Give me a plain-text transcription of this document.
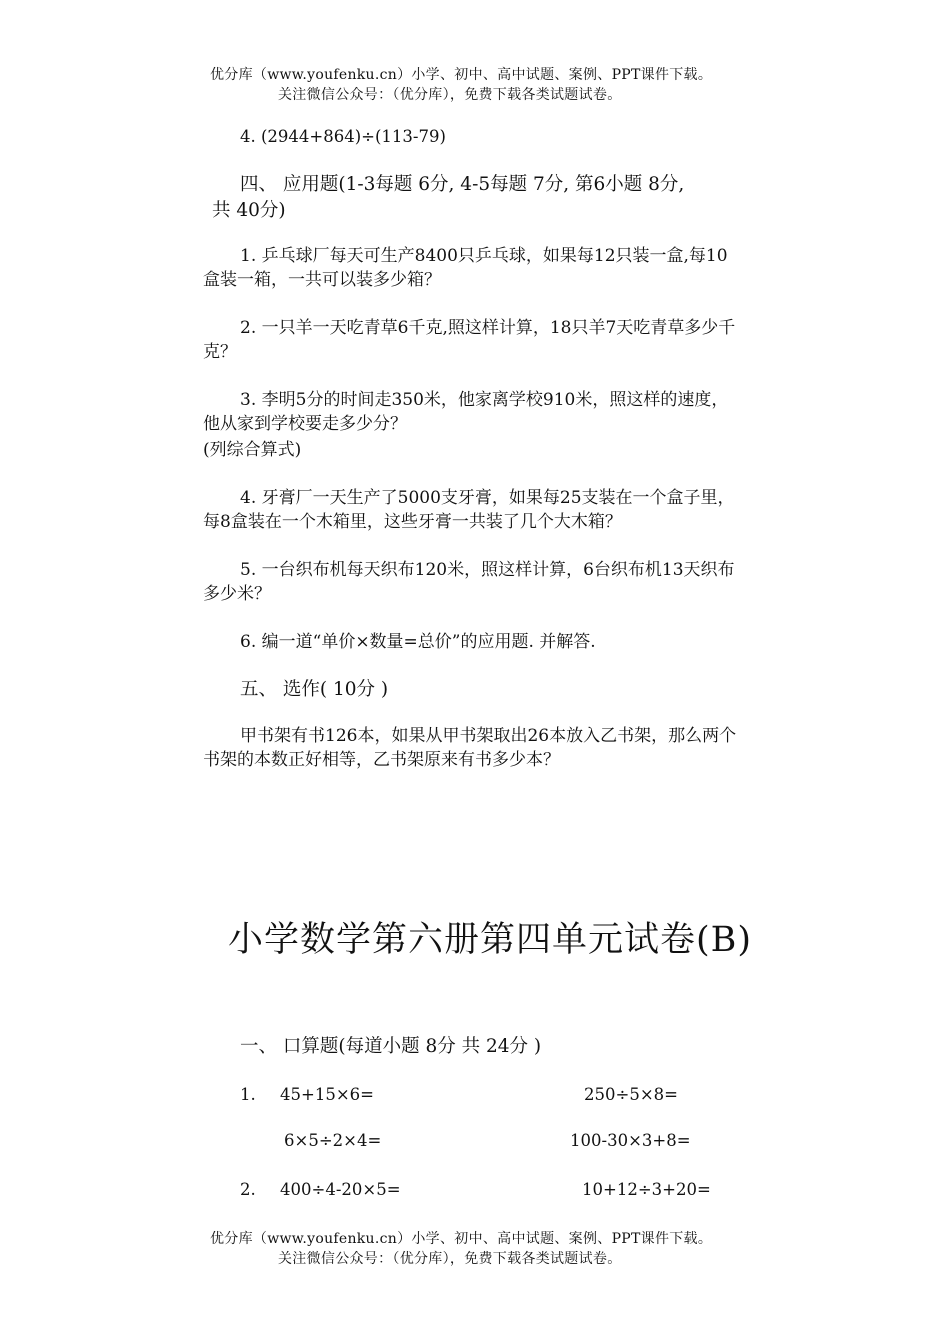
优分库（www.youfenku.cn）小学、初中、高中试题、案例、PPT课件下载。
关注微信公众号：（优分库），免费下载各类试题试卷。
4. (2944+864)÷(113-79)
四、 应用题(1-3每题 6分, 4-5每题 7分, 第6小题 8分,
共 40分)
1. 乒乓球厂每天可生产8400只乒乓球，如果每12只装一盒,每10
盒装一箱，一共可以装多少箱？
2. 一只羊一天吃青草6千克,照这样计算，18只羊7天吃青草多少千
克？
3. 李明5分的时间走350米，他家离学校910米，照这样的速度，
他从家到学校要走多少分？
(列综合算式)
4. 牙膏厂一天生产了5000支牙膏，如果每25支装在一个盒子里，
每8盒装在一个木箱里，这些牙膏一共装了几个大木箱？
5. 一台织布机每天织布120米，照这样计算，6台织布机13天织布
多少米？
6. 编一道“单价×数量=总价”的应用题. 并解答.
五、 选作( 10分 )
甲书架有书126本，如果从甲书架取出26本放入乙书架，那么两个
书架的本数正好相等，乙书架原来有书多少本？
小学数学第六册第四单元试卷(B)
一、 口算题(每道小题 8分 共 24分 )
1. 45+15×6=	250÷5×8=
6×5÷2×4=	100-30×3+8=
2. 400÷4-20×5=	10+12÷3+20=
优分库（www.youfenku.cn）小学、初中、高中试题、案例、PPT课件下载。
关注微信公众号：（优分库），免费下载各类试题试卷。
